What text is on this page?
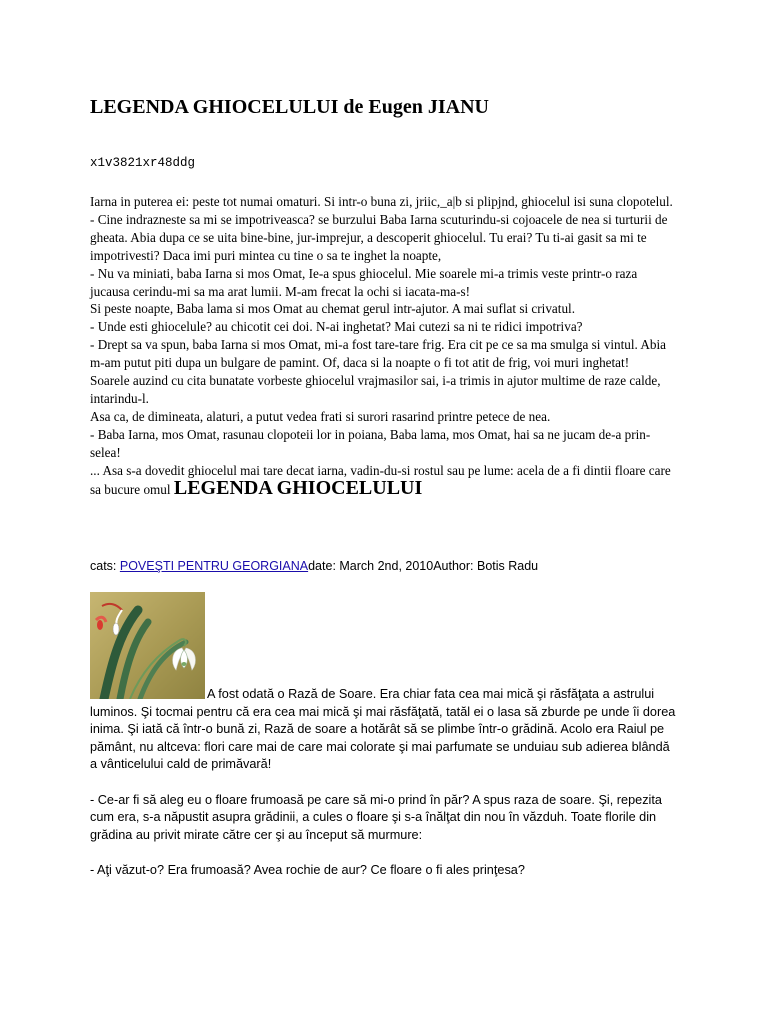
LEGENDA GHIOCELULUI de Eugen JIANU
x1v3821xr48ddg

Iarna in puterea ei: peste tot numai omaturi. Si intr-o buna zi, jriic,_a|b si plipjnd, ghiocelul isi suna clopotelul.

- Cine indrazneste sa mi se impotriveasca? se burzului Baba Iarna scuturindu-si cojoacele de nea si turturii de gheata. Abia dupa ce se uita bine-bine, jur-imprejur, a descoperit ghiocelul. Tu erai? Tu ti-ai gasit sa mi te impotrivesti? Daca imi puri mintea cu tine o sa te inghet la noapte,

- Nu va miniati, baba Iarna si mos Omat, Ie-a spus ghiocelul. Mie soarele mi-a trimis veste printr-o raza jucausa cerindu-mi sa ma arat lumii. M-am frecat la ochi si iacata-ma-s!

Si peste noapte, Baba lama si mos Omat au chemat gerul intr-ajutor. A mai suflat si crivatul.

- Unde esti ghiocelule? au chicotit cei doi. N-ai inghetat? Mai cutezi sa ni te ridici impotriva?

- Drept sa va spun, baba Iarna si mos Omat, mi-a fost tare-tare frig. Era cit pe ce sa ma smulga si vintul. Abia m-am putut piti dupa un bulgare de pamint. Of, daca si la noapte o fi tot atit de frig, voi muri inghetat!

Soarele auzind cu cita bunatate vorbeste ghiocelul vrajmasilor sai, i-a trimis in ajutor multime de raze calde, intarindu-l.

Asa ca, de dimineata, alaturi, a putut vedea frati si surori rasarind printre petece de nea.

- Baba Iarna, mos Omat, rasunau clopoteii lor in poiana, Baba lama, mos Omat, hai sa ne jucam de-a prin-selea!

... Asa s-a dovedit ghiocelul mai tare decat iarna, vadin-du-si rostul sau pe lume: acela de a fi dintii floare care sa bucure omul LEGENDA GHIOCELULUI

cats: POVEŞTI PENTRU GEORGIANAdate: March 2nd, 2010Author: Botis Radu

A fost odată o Rază de Soare. Era chiar fata cea mai mică şi răsfăţata a astrului luminos. Şi tocmai pentru că era cea mai mică şi mai răsfăţată, tatăl ei o lasa să zburde pe unde îi dorea inima. Şi iată că într-o bună zi, Rază de soare a hotărât să se plimbe într-o grădină. Acolo era Raiul pe pământ, nu altceva: flori care mai de care mai colorate şi mai parfumate se unduiau sub adierea blândă a vânticelului cald de primăvară!

- Ce-ar fi să aleg eu o floare frumoasă pe care să mi-o prind în păr? A spus raza de soare. Şi, repezita cum era, s-a năpustit asupra grădinii, a cules o floare şi s-a înălţat din nou în văzduh. Toate florile din grădina au privit mirate către cer şi au început să murmure:

- Aţi văzut-o? Era frumoasă? Avea rochie de aur? Ce floare o fi ales prinţesa?
